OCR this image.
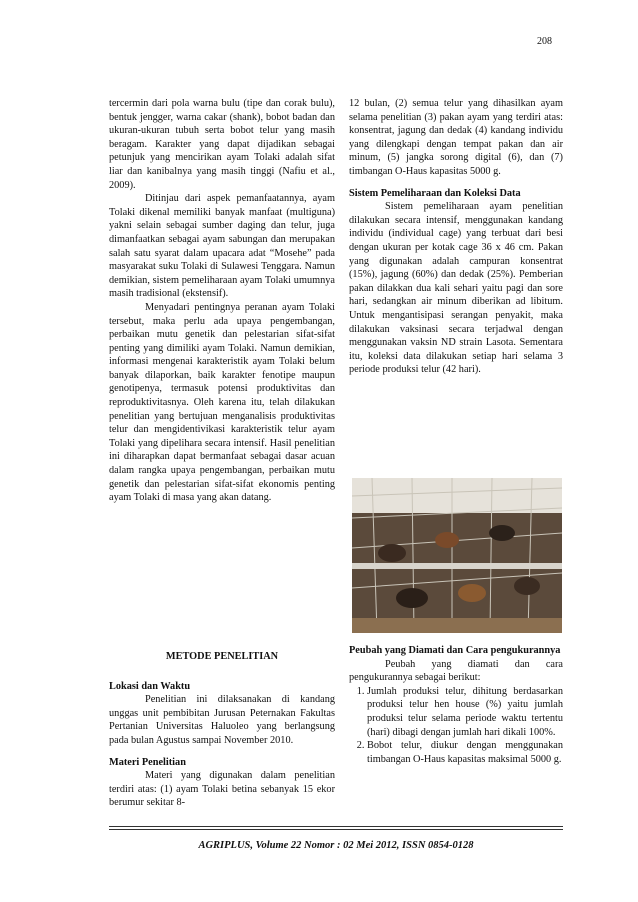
208

tercermin dari pola warna bulu (tipe dan corak bulu), bentuk jengger, warna cakar (shank), bobot badan dan ukuran-ukuran tubuh serta bobot telur yang masih beragam. Karakter yang dapat dijadikan sebagai petunjuk yang mencirikan ayam Tolaki adalah sifat liar dan kanibalnya yang masih tinggi (Nafiu et al., 2009).

Ditinjau dari aspek pemanfaatannya, ayam Tolaki dikenal memiliki banyak manfaat (multiguna) yakni selain sebagai sumber daging dan telur, juga dimanfaatkan sebagai ayam sabungan dan merupakan salah satu syarat dalam upacara adat “Mosehe” pada masyarakat suku Tolaki di Sulawesi Tenggara. Namun demikian, sistem pemeliharaan ayam Tolaki umumnya masih tradisional (ekstensif).

Menyadari pentingnya peranan ayam Tolaki tersebut, maka perlu ada upaya pengembangan, perbaikan mutu genetik dan pelestarian sifat-sifat penting yang dimiliki ayam Tolaki. Namun demikian, informasi mengenai karakteristik ayam Tolaki belum banyak dilaporkan, baik karakter fenotipe maupun genotipenya, termasuk potensi produktivitas dan reproduktivitasnya. Oleh karena itu, telah dilakukan penelitian yang bertujuan menganalisis produktivitas telur dan mengidentivikasi karakteristik telur ayam Tolaki yang dipelihara secara intensif. Hasil penelitian ini diharapkan dapat bermanfaat sebagai dasar acuan dalam rangka upaya pengembangan, perbaikan mutu genetik dan pelestarian sifat-sifat ekonomis penting ayam Tolaki di masa yang akan datang.

12 bulan, (2) semua telur yang dihasilkan ayam selama penelitian (3) pakan ayam yang terdiri atas: konsentrat, jagung dan dedak (4) kandang individu yang dilengkapi dengan tempat pakan dan air minum, (5) jangka sorong digital (6), dan (7) timbangan O-Haus kapasitas 5000 g.

Sistem Pemeliharaan dan Koleksi Data

Sistem pemeliharaan ayam penelitian dilakukan secara intensif, menggunakan kandang individu (individual cage) yang terbuat dari besi dengan ukuran per kotak cage 36 x 46 cm. Pakan yang digunakan adalah campuran konsentrat (15%), jagung (60%) dan dedak (25%). Pemberian pakan dilakkan dua kali sehari yaitu pagi dan sore hari, sedangkan air minum diberikan ad libitum. Untuk mengantisipasi serangan penyakit, maka dilakukan vaksinasi secara terjadwal dengan menggunakan vaksin ND strain Lasota. Sementara itu, koleksi data dilakukan setiap hari selama 3 periode produksi telur (42 hari).

METODE PENELITIAN

Lokasi dan Waktu

Penelitian ini dilaksanakan di kandang unggas unit pembibitan Jurusan Peternakan Fakultas Pertanian Universitas Haluoleo yang berlangsung pada bulan Agustus sampai November 2010.

Materi Penelitian

Materi yang digunakan dalam penelitian terdiri atas: (1) ayam Tolaki betina sebanyak 15 ekor berumur sekitar 8-

Peubah yang Diamati dan Cara pengukurannya

Peubah yang diamati dan cara pengukurannya sebagai berikut:

1. Jumlah produksi telur, dihitung berdasarkan produksi telur hen house (%) yaitu jumlah produksi telur selama periode waktu tertentu (hari) dibagi dengan jumlah hari dikali 100%.
2. Bobot telur, diukur dengan menggunakan timbangan O-Haus kapasitas maksimal 5000 g.
AGRIPLUS, Volume 22 Nomor : 02 Mei 2012, ISSN 0854-0128
